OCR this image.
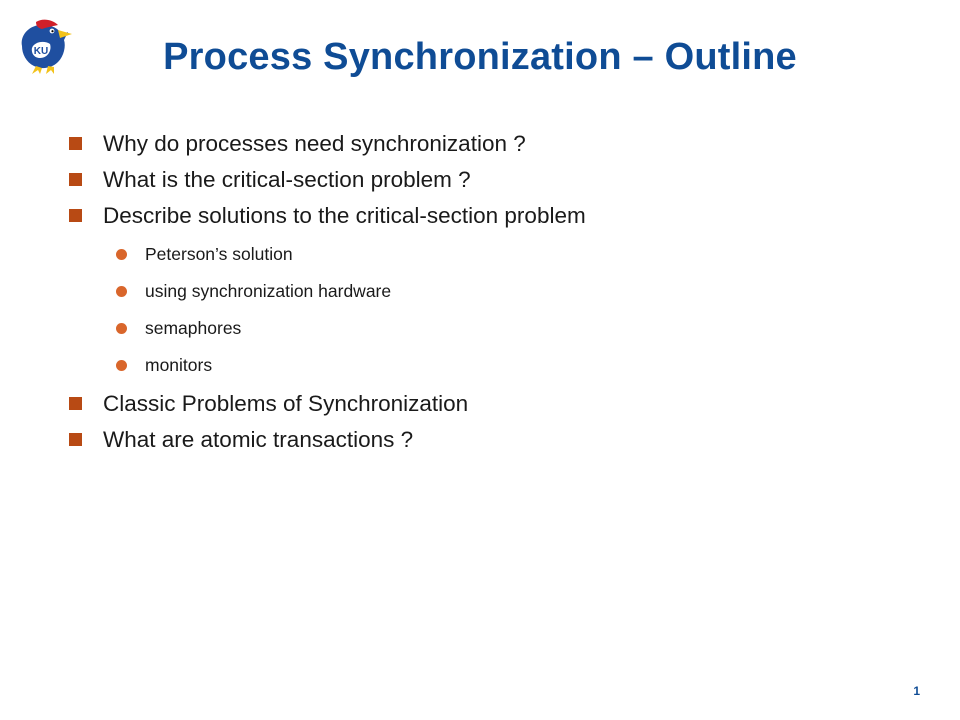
KU	Process Synchronization – Outline
Why do processes need synchronization ?
What is the critical-section problem ?
Describe solutions to the critical-section problem
Peterson’s solution
using synchronization hardware
semaphores
monitors
Classic Problems of Synchronization
What are atomic transactions ?
1
